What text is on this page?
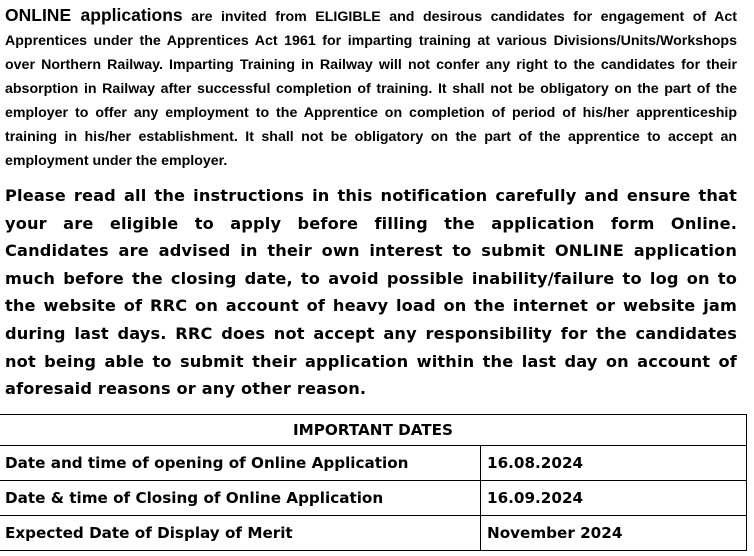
ONLINE applications are invited from ELIGIBLE and desirous candidates for engagement of Act Apprentices under the Apprentices Act 1961 for imparting training at various Divisions/Units/Workshops over Northern Railway. Imparting Training in Railway will not confer any right to the candidates for their absorption in Railway after successful completion of training. It shall not be obligatory on the part of the employer to offer any employment to the Apprentice on completion of period of his/her apprenticeship training in his/her establishment. It shall not be obligatory on the part of the apprentice to accept an employment under the employer.

Please read all the instructions in this notification carefully and ensure that your are eligible to apply before filling the application form Online. Candidates are advised in their own interest to submit ONLINE application much before the closing date, to avoid possible inability/failure to log on to the website of RRC on account of heavy load on the internet or website jam during last days. RRC does not accept any responsibility for the candidates not being able to submit their application within the last day on account of aforesaid reasons or any other reason.

IMPORTANT DATES	
Date and time of opening of Online Application	16.08.2024
Date & time of Closing of Online Application	16.09.2024
Expected Date of Display of Merit	November 2024
